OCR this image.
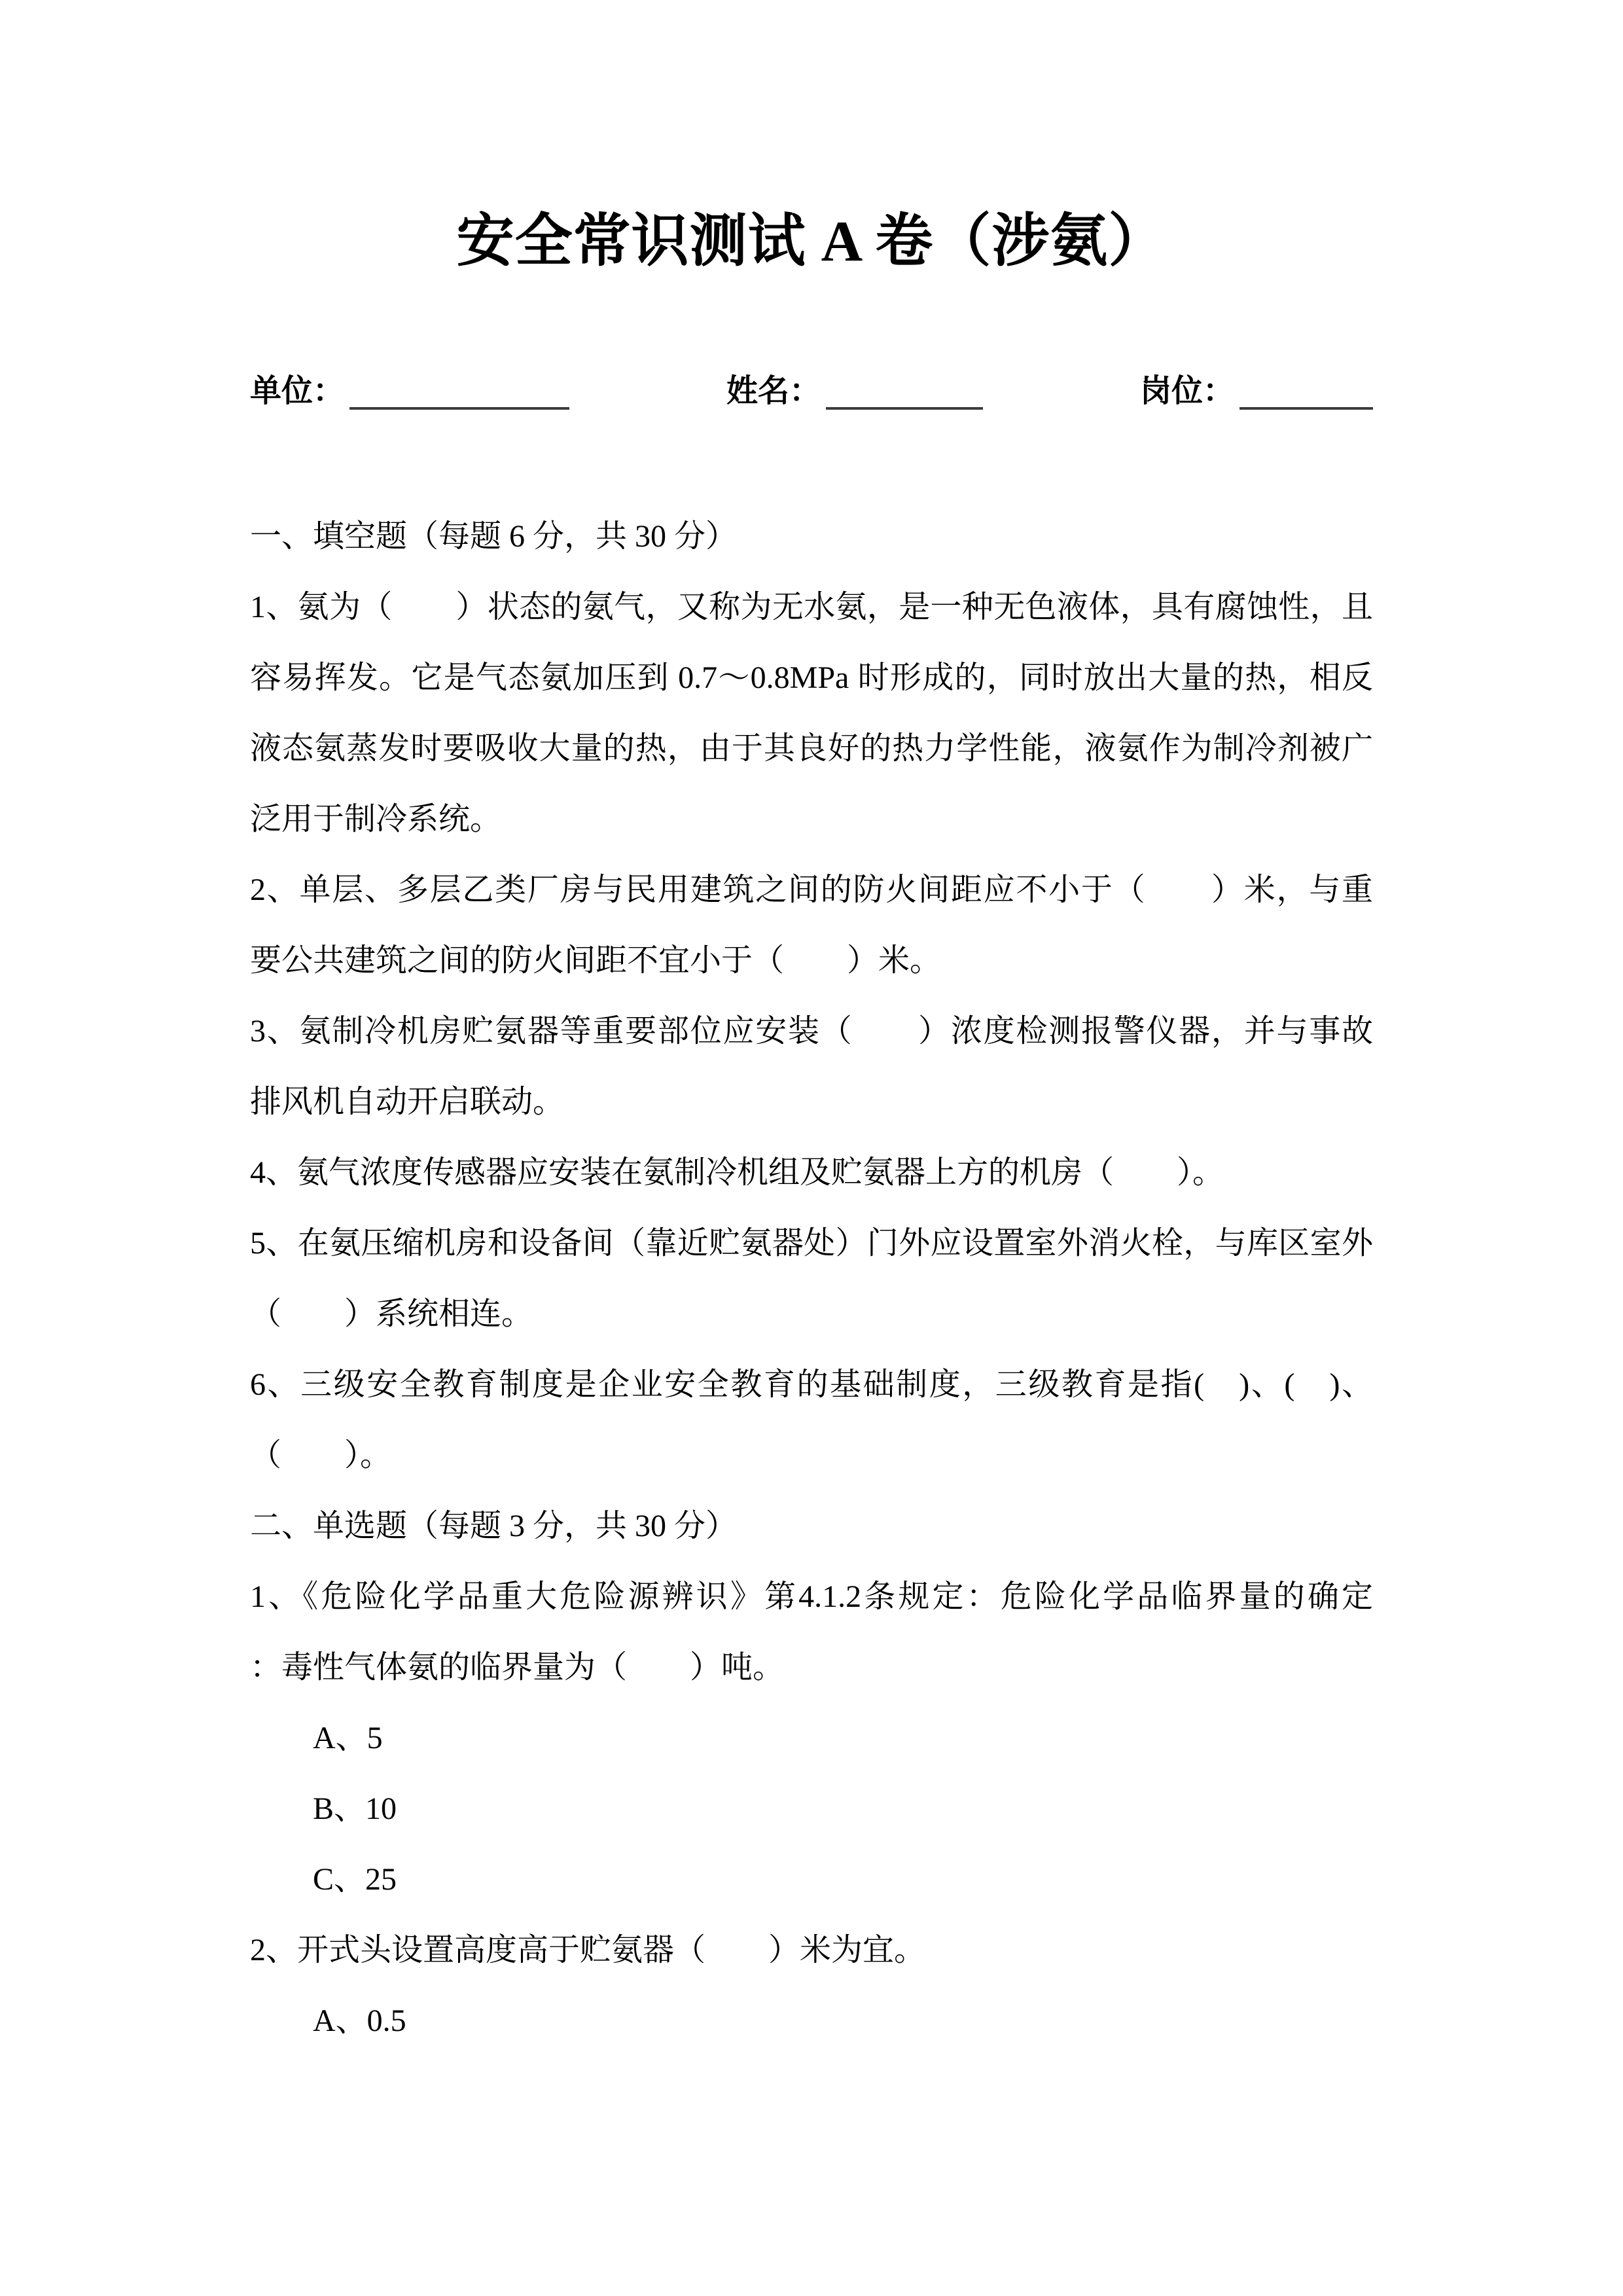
安全常识测试 A 卷（涉氨）
单位：	姓名：	岗位：
一、填空题（每题 6 分，共 30 分）
1、氨为（　　）状态的氨气，又称为无水氨，是一种无色液体，具有腐蚀性，且
容易挥发。它是气态氨加压到 0.7～0.8MPa 时形成的，同时放出大量的热，相反
液态氨蒸发时要吸收大量的热，由于其良好的热力学性能，液氨作为制冷剂被广
泛用于制冷系统。
2、单层、多层乙类厂房与民用建筑之间的防火间距应不小于（　　）米，与重
要公共建筑之间的防火间距不宜小于（　　）米。
3、氨制冷机房贮氨器等重要部位应安装（　　）浓度检测报警仪器，并与事故
排风机自动开启联动。
4、氨气浓度传感器应安装在氨制冷机组及贮氨器上方的机房（　　）。
5、在氨压缩机房和设备间（靠近贮氨器处）门外应设置室外消火栓，与库区室外
（　　）系统相连。
6、三级安全教育制度是企业安全教育的基础制度，三级教育是指(　)、(　)、
（　　）。
二、单选题（每题 3 分，共 30 分）
1、《危险化学品重大危险源辨识》第4.1.2条规定：危险化学品临界量的确定
：毒性气体氨的临界量为（　　）吨。
A、5
B、10
C、25
2、开式头设置高度高于贮氨器（　　）米为宜。
A、0.5
